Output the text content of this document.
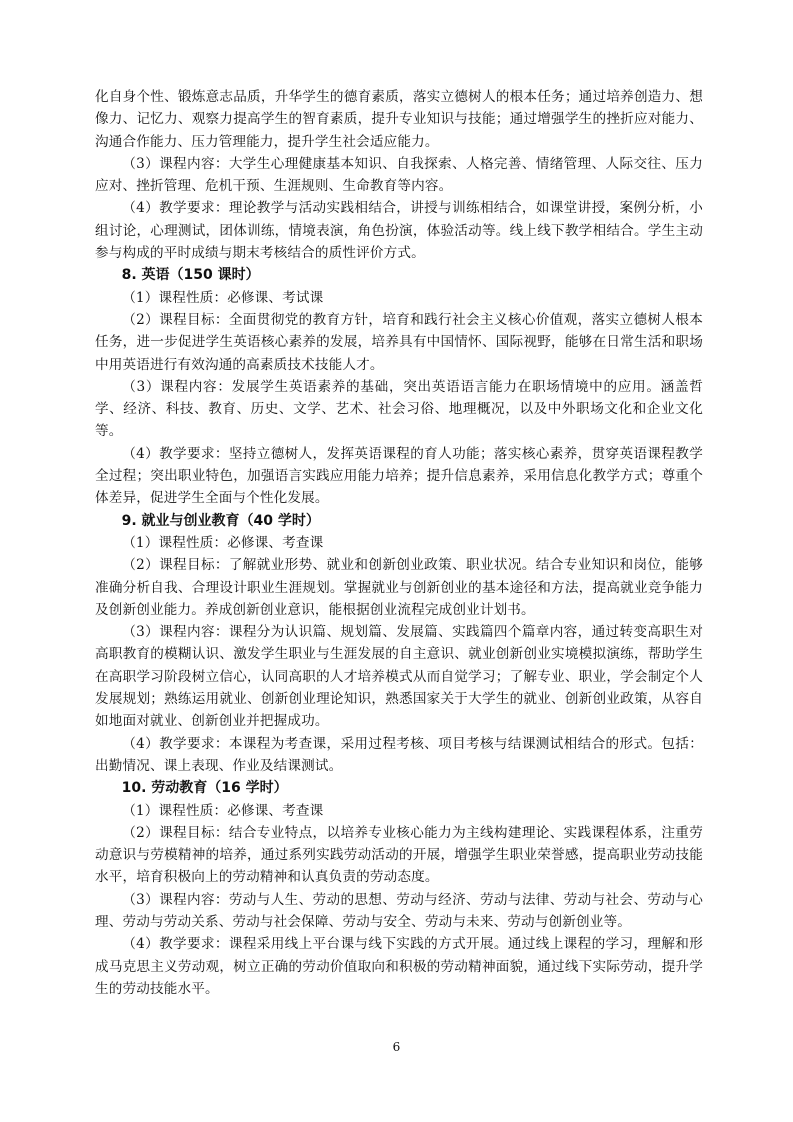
化自身个性、锻炼意志品质，升华学生的德育素质，落实立德树人的根本任务；通过培养创造力、想像力、记忆力、观察力提高学生的智育素质，提升专业知识与技能；通过增强学生的挫折应对能力、沟通合作能力、压力管理能力，提升学生社会适应能力。
（3）课程内容：大学生心理健康基本知识、自我探索、人格完善、情绪管理、人际交往、压力应对、挫折管理、危机干预、生涯规则、生命教育等内容。
（4）教学要求：理论教学与活动实践相结合，讲授与训练相结合，如课堂讲授，案例分析，小组讨论，心理测试，团体训练，情境表演，角色扮演，体验活动等。线上线下教学相结合。学生主动参与构成的平时成绩与期末考核结合的质性评价方式。
8. 英语（150 课时）
（1）课程性质：必修课、考试课
（2）课程目标：全面贯彻党的教育方针，培育和践行社会主义核心价值观，落实立德树人根本任务，进一步促进学生英语核心素养的发展，培养具有中国情怀、国际视野，能够在日常生活和职场中用英语进行有效沟通的高素质技术技能人才。
（3）课程内容：发展学生英语素养的基础，突出英语语言能力在职场情境中的应用。涵盖哲学、经济、科技、教育、历史、文学、艺术、社会习俗、地理概况，以及中外职场文化和企业文化等。
（4）教学要求：坚持立德树人，发挥英语课程的育人功能；落实核心素养，贯穿英语课程教学全过程；突出职业特色，加强语言实践应用能力培养；提升信息素养，采用信息化教学方式；尊重个体差异，促进学生全面与个性化发展。
9. 就业与创业教育（40 学时）
（1）课程性质：必修课、考查课
（2）课程目标：了解就业形势、就业和创新创业政策、职业状况。结合专业知识和岗位，能够准确分析自我、合理设计职业生涯规划。掌握就业与创新创业的基本途径和方法，提高就业竞争能力及创新创业能力。养成创新创业意识，能根据创业流程完成创业计划书。
（3）课程内容：课程分为认识篇、规划篇、发展篇、实践篇四个篇章内容，通过转变高职生对高职教育的模糊认识、激发学生职业与生涯发展的自主意识、就业创新创业实境模拟演练，帮助学生在高职学习阶段树立信心，认同高职的人才培养模式从而自觉学习；了解专业、职业，学会制定个人发展规划；熟练运用就业、创新创业理论知识，熟悉国家关于大学生的就业、创新创业政策，从容自如地面对就业、创新创业并把握成功。
（4）教学要求：本课程为考查课，采用过程考核、项目考核与结课测试相结合的形式。包括：出勤情况、课上表现、作业及结课测试。
10. 劳动教育（16 学时）
（1）课程性质：必修课、考查课
（2）课程目标：结合专业特点，以培养专业核心能力为主线构建理论、实践课程体系，注重劳动意识与劳模精神的培养，通过系列实践劳动活动的开展，增强学生职业荣誉感，提高职业劳动技能水平，培育积极向上的劳动精神和认真负责的劳动态度。
（3）课程内容：劳动与人生、劳动的思想、劳动与经济、劳动与法律、劳动与社会、劳动与心理、劳动与劳动关系、劳动与社会保障、劳动与安全、劳动与未来、劳动与创新创业等。
（4）教学要求：课程采用线上平台课与线下实践的方式开展。通过线上课程的学习，理解和形成马克思主义劳动观，树立正确的劳动价值取向和积极的劳动精神面貌，通过线下实际劳动，提升学生的劳动技能水平。
6
